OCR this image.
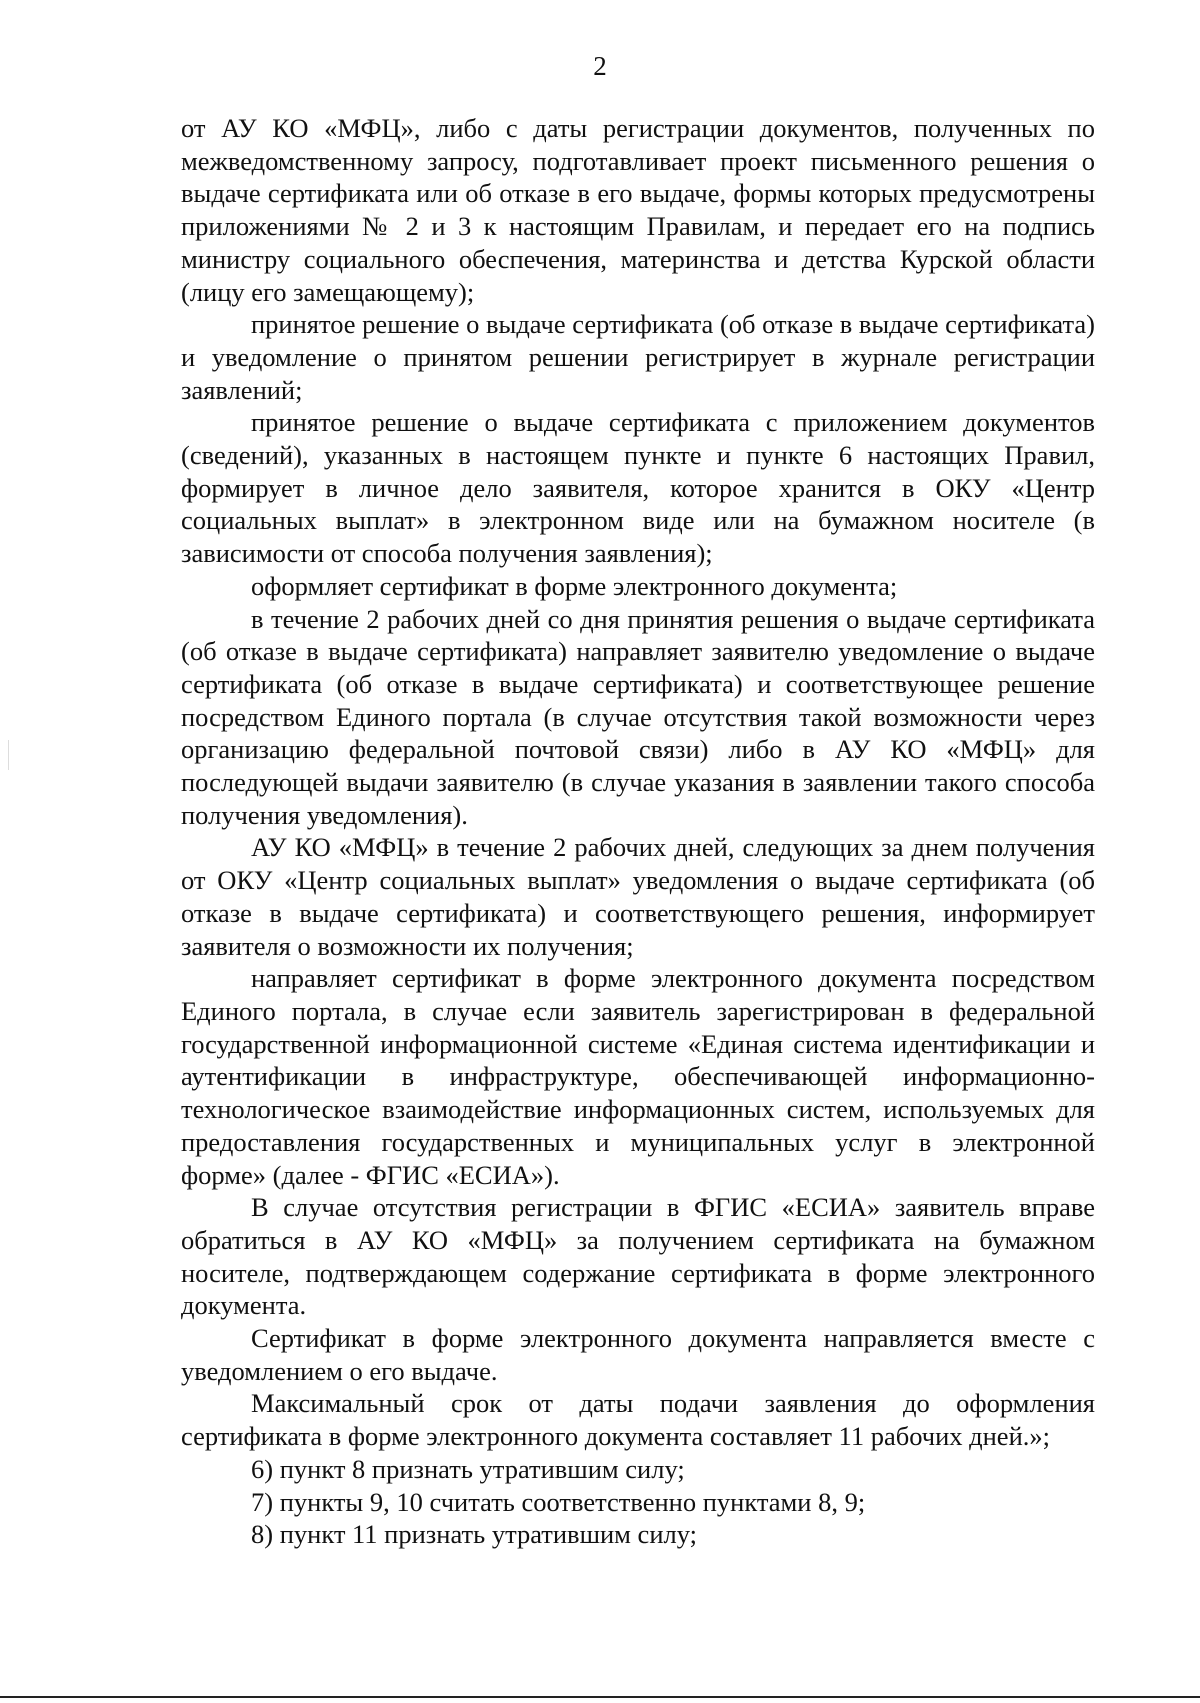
2

от АУ КО «МФЦ», либо с даты регистрации документов, полученных по межведомственному запросу, подготавливает проект письменного решения о выдаче сертификата или об отказе в его выдаче, формы которых предусмотрены приложениями № 2 и 3 к настоящим Правилам, и передает его на подпись министру социального обеспечения, материнства и детства Курской области (лицу его замещающему);

принятое решение о выдаче сертификата (об отказе в выдаче сертификата) и уведомление о принятом решении регистрирует в журнале регистрации заявлений;

принятое решение о выдаче сертификата с приложением документов (сведений), указанных в настоящем пункте и пункте 6 настоящих Правил, формирует в личное дело заявителя, которое хранится в ОКУ «Центр социальных выплат» в электронном виде или на бумажном носителе (в зависимости от способа получения заявления);

оформляет сертификат в форме электронного документа;

в течение 2 рабочих дней со дня принятия решения о выдаче сертификата (об отказе в выдаче сертификата) направляет заявителю уведомление о выдаче сертификата (об отказе в выдаче сертификата) и соответствующее решение посредством Единого портала (в случае отсутствия такой возможности через организацию федеральной почтовой связи) либо в АУ КО «МФЦ» для последующей выдачи заявителю (в случае указания в заявлении такого способа получения уведомления).

АУ КО «МФЦ» в течение 2 рабочих дней, следующих за днем получения от ОКУ «Центр социальных выплат» уведомления о выдаче сертификата (об отказе в выдаче сертификата) и соответствующего решения, информирует заявителя о возможности их получения;

направляет сертификат в форме электронного документа посредством Единого портала, в случае если заявитель зарегистрирован в федеральной государственной информационной системе «Единая система идентификации и аутентификации в инфраструктуре, обеспечивающей информационно-технологическое взаимодействие информационных систем, используемых для предоставления государственных и муниципальных услуг в электронной форме» (далее - ФГИС «ЕСИА»).

В случае отсутствия регистрации в ФГИС «ЕСИА» заявитель вправе обратиться в АУ КО «МФЦ» за получением сертификата на бумажном носителе, подтверждающем содержание сертификата в форме электронного документа.

Сертификат в форме электронного документа направляется вместе с уведомлением о его выдаче.

Максимальный срок от даты подачи заявления до оформления сертификата в форме электронного документа составляет 11 рабочих дней.»;

6) пункт 8 признать утратившим силу;

7) пункты 9, 10 считать соответственно пунктами 8, 9;

8) пункт 11 признать утратившим силу;
